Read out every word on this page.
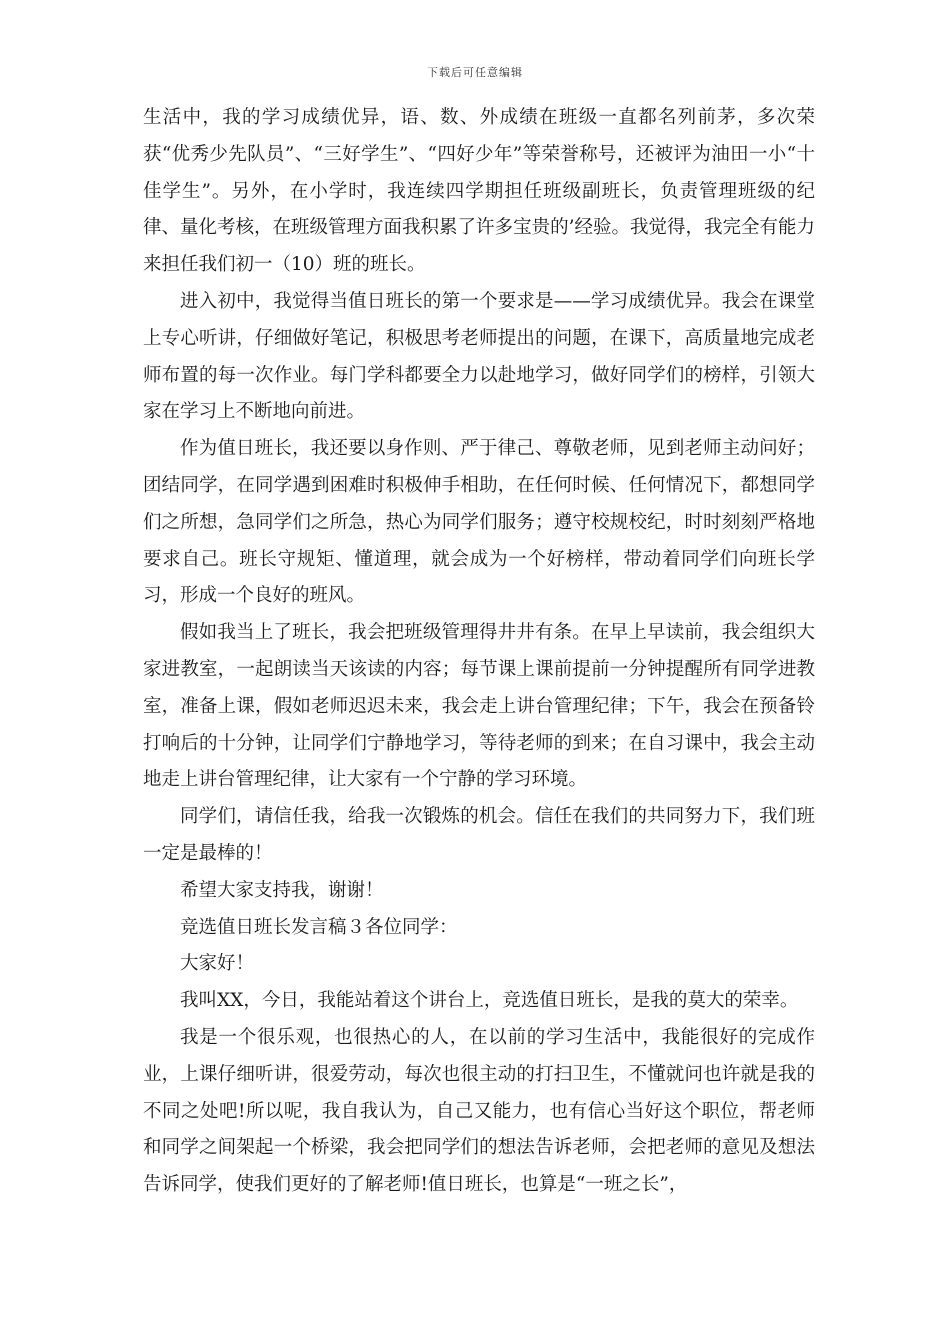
下载后可任意编辑

生活中，我的学习成绩优异，语、数、外成绩在班级一直都名列前茅，多次荣获“优秀少先队员”、“三好学生”、“四好少年”等荣誉称号，还被评为油田一小“十佳学生”。另外，在小学时，我连续四学期担任班级副班长，负责管理班级的纪律、量化考核，在班级管理方面我积累了许多宝贵的’经验。我觉得，我完全有能力来担任我们初一（10）班的班长。

进入初中，我觉得当值日班长的第一个要求是——学习成绩优异。我会在课堂上专心听讲，仔细做好笔记，积极思考老师提出的问题，在课下，高质量地完成老师布置的每一次作业。每门学科都要全力以赴地学习，做好同学们的榜样，引领大家在学习上不断地向前进。

作为值日班长，我还要以身作则、严于律己、尊敬老师，见到老师主动问好；团结同学，在同学遇到困难时积极伸手相助，在任何时候、任何情况下，都想同学们之所想，急同学们之所急，热心为同学们服务；遵守校规校纪，时时刻刻严格地要求自己。班长守规矩、懂道理，就会成为一个好榜样，带动着同学们向班长学习，形成一个良好的班风。

假如我当上了班长，我会把班级管理得井井有条。在早上早读前，我会组织大家进教室，一起朗读当天该读的内容；每节课上课前提前一分钟提醒所有同学进教室，准备上课，假如老师迟迟未来，我会走上讲台管理纪律；下午，我会在预备铃打响后的十分钟，让同学们宁静地学习，等待老师的到来；在自习课中，我会主动地走上讲台管理纪律，让大家有一个宁静的学习环境。

同学们，请信任我，给我一次锻炼的机会。信任在我们的共同努力下，我们班一定是最棒的！

希望大家支持我，谢谢！

竞选值日班长发言稿３各位同学：

大家好！

我叫XX，今日，我能站着这个讲台上，竞选值日班长，是我的莫大的荣幸。

我是一个很乐观，也很热心的人，在以前的学习生活中，我能很好的完成作业，上课仔细听讲，很爱劳动，每次也很主动的打扫卫生，不懂就问也许就是我的不同之处吧!所以呢，我自我认为，自己又能力，也有信心当好这个职位，帮老师和同学之间架起一个桥梁，我会把同学们的想法告诉老师，会把老师的意见及想法告诉同学，使我们更好的了解老师!值日班长，也算是“一班之长”，
